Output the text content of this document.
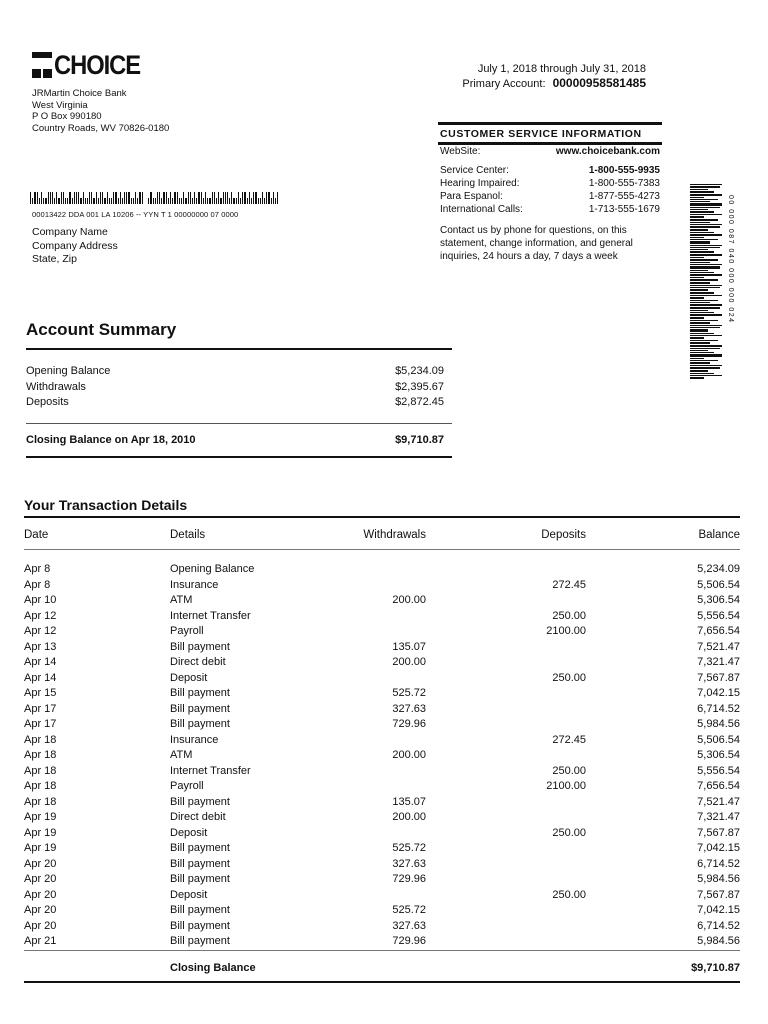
CHOICE
JRMartin Choice Bank
West Virginia
P O Box 990180
Country Roads, WV 70826-0180
July 1, 2018 through July 31, 2018
Primary Account: 00000958581485
CUSTOMER SERVICE INFORMATION
WebSite:	www.choicebank.com
Service Center:	1-800-555-9935
Hearing Impaired:	1-800-555-7383
Para Espanol:	1-877-555-4273
International Calls:	1-713-555-1679
Contact us by phone for questions, on this statement, change information, and general inquiries, 24 hours a day, 7 days a week
00013422 DDA 001 LA 10206 -- YYN T 1 00000000 07 0000
Company Name
Company Address
State, Zip	00 000 087 040 000 000 024
Account Summary
Opening Balance	$5,234.09
Withdrawals	$2,395.67
Deposits	$2,872.45
Closing Balance on Apr 18, 2010	$9,710.87
Your Transaction Details
Date	Details	Withdrawals	Deposits	Balance
Apr 8	Opening Balance			5,234.09
Apr 8	Insurance		272.45	5,506.54
Apr 10	ATM	200.00		5,306.54
Apr 12	Internet Transfer		250.00	5,556.54
Apr 12	Payroll		2100.00	7,656.54
Apr 13	Bill payment	135.07		7,521.47
Apr 14	Direct debit	200.00		7,321.47
Apr 14	Deposit		250.00	7,567.87
Apr 15	Bill payment	525.72		7,042.15
Apr 17	Bill payment	327.63		6,714.52
Apr 17	Bill payment	729.96		5,984.56
Apr 18	Insurance		272.45	5,506.54
Apr 18	ATM	200.00		5,306.54
Apr 18	Internet Transfer		250.00	5,556.54
Apr 18	Payroll		2100.00	7,656.54
Apr 18	Bill payment	135.07		7,521.47
Apr 19	Direct debit	200.00		7,321.47
Apr 19	Deposit		250.00	7,567.87
Apr 19	Bill payment	525.72		7,042.15
Apr 20	Bill payment	327.63		6,714.52
Apr 20	Bill payment	729.96		5,984.56
Apr 20	Deposit		250.00	7,567.87
Apr 20	Bill payment	525.72		7,042.15
Apr 20	Bill payment	327.63		6,714.52
Apr 21	Bill payment	729.96		5,984.56
	Closing Balance			$9,710.87
